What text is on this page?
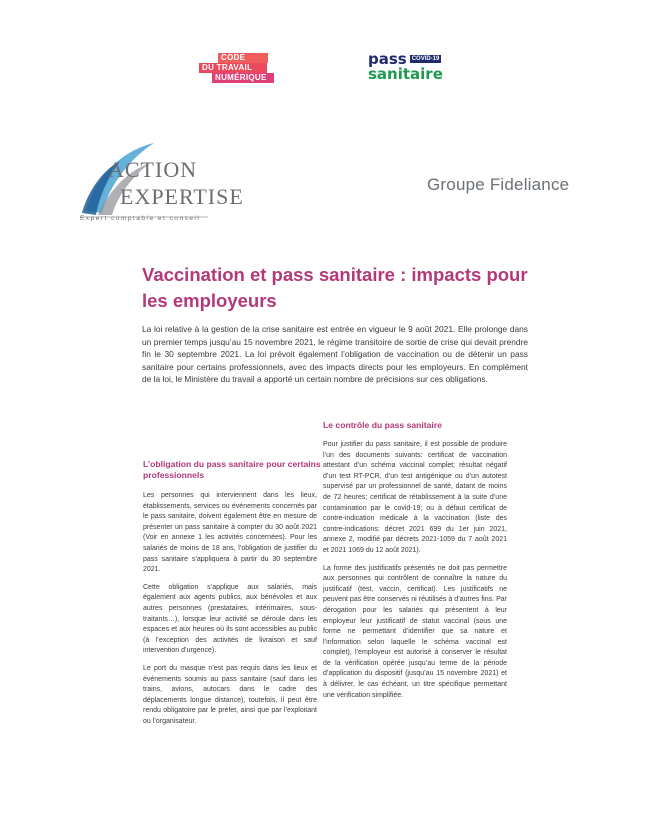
CODE
DU TRAVAIL
NUMÉRIQUE
pass COVID-19
sanitaire
ACTION
EXPERTISE
Expert comptable et conseil
Groupe Fideliance
Vaccination et pass sanitaire : impacts pour les employeurs
La loi relative à la gestion de la crise sanitaire est entrée en vigueur le 9 août 2021. Elle prolonge dans un premier temps jusqu’au 15 novembre 2021, le régime transitoire de sortie de crise qui devait prendre fin le 30 septembre 2021. La loi prévoit également l’obligation de vaccination ou de détenir un pass sanitaire pour certains professionnels, avec des impacts directs pour les employeurs. En complément de la loi, le Ministère du travail a apporté un certain nombre de précisions sur ces obligations.
Le contrôle du pass sanitaire
L’obligation du pass sanitaire pour certains professionnels

Les personnes qui interviennent dans les lieux, établissements, services ou événements concernés par le pass sanitaire, doivent également être en mesure de présenter un pass sanitaire à compter du 30 août 2021 (Voir en annexe 1 les activités concernées). Pour les salariés de moins de 18 ans, l’obligation de justifier du pass sanitaire s’appliquera à partir du 30 septembre 2021.

Cette obligation s’applique aux salariés, mais également aux agents publics, aux bénévoles et aux autres personnes (prestataires, intérimaires, sous-traitants…), lorsque leur activité se déroule dans les espaces et aux heures où ils sont accessibles au public (à l’exception des activités de livraison et sauf intervention d’urgence).

Le port du masque n’est pas requis dans les lieux et événements soumis au pass sanitaire (sauf dans les trains, avions, autocars dans le cadre des déplacements longue distance), toutefois, il peut être rendu obligatoire par le préfet, ainsi que par l’exploitant ou l’organisateur.

Pour justifier du pass sanitaire, il est possible de produire l’un des documents suivants: certificat de vaccination attestant d’un schéma vaccinal complet; résultat négatif d’un test RT-PCR, d’un test antigénique ou d’un autotest supervisé par un professionnel de santé, datant de moins de 72 heures; certificat de rétablissement à la suite d’une contamination par le covid-19; ou à défaut certificat de contre-indication médicale à la vaccination (liste des contre-indications: décret 2021 699 du 1er juin 2021, annexe 2, modifié par décrets 2021-1059 du 7 août 2021 et 2021 1069 du 12 août 2021).

La forme des justificatifs présentés ne doit pas permettre aux personnes qui contrôlent de connaître la nature du justificatif (test, vaccin, certificat). Les justificatifs ne peuvent pas être conservés ni réutilisés à d’autres fins. Par dérogation pour les salariés qui présentent à leur employeur leur justificatif de statut vaccinal (sous une forme ne permettant d’identifier que sa nature et l’information selon laquelle le schéma vaccinal est complet), l’employeur est autorisé à conserver le résultat de la vérification opérée jusqu’au terme de la période d’application du dispositif (jusqu’au 15 novembre 2021) et à délivrer, le cas échéant, un titre spécifique permettant une vérification simplifiée.
